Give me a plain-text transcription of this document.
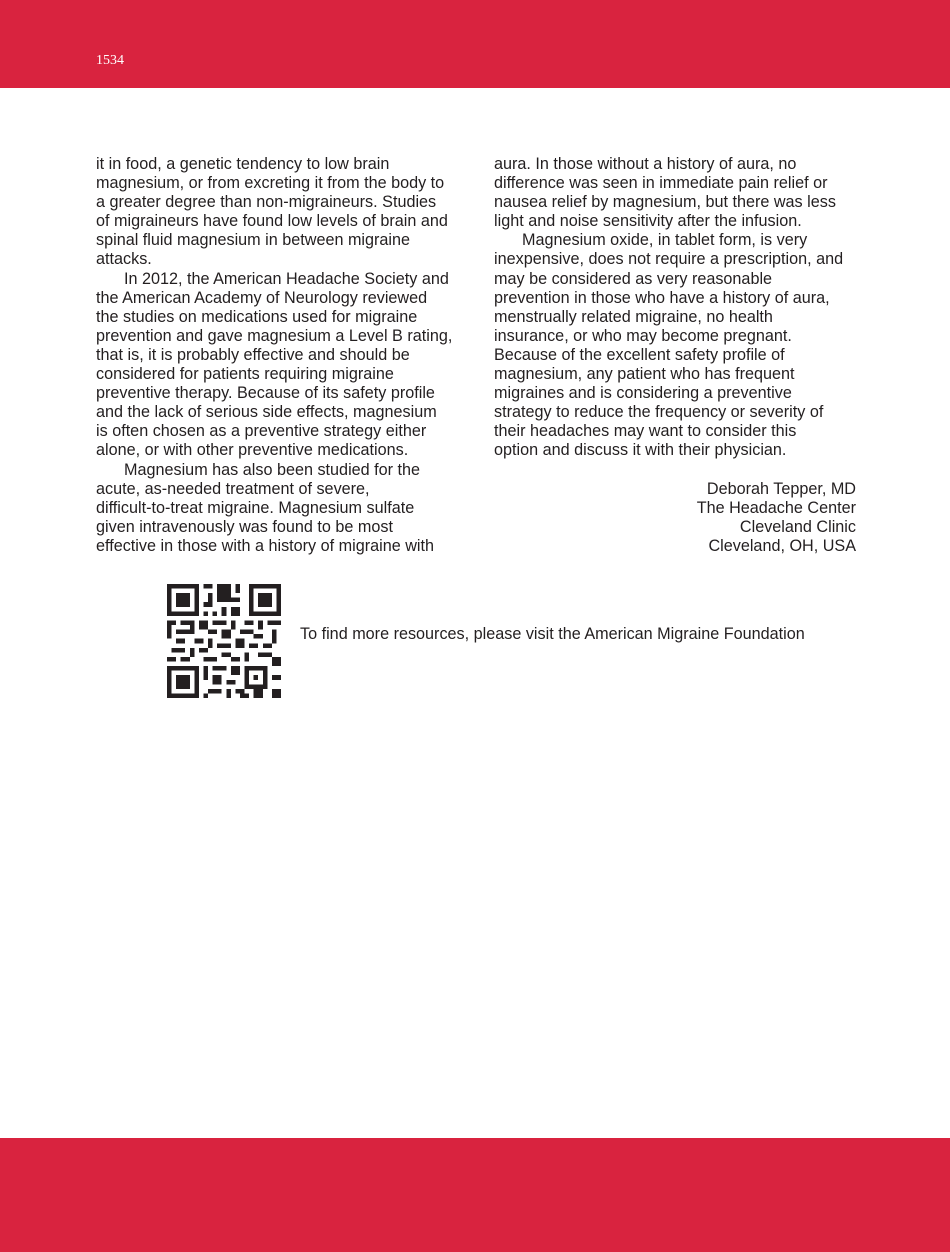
1534

it in food, a genetic tendency to low brain
magnesium, or from excreting it from the body to
a greater degree than non-migraineurs. Studies
of migraineurs have found low levels of brain and
spinal fluid magnesium in between migraine
attacks.

In 2012, the American Headache Society and
the American Academy of Neurology reviewed
the studies on medications used for migraine
prevention and gave magnesium a Level B rating,
that is, it is probably effective and should be
considered for patients requiring migraine
preventive therapy. Because of its safety profile
and the lack of serious side effects, magnesium
is often chosen as a preventive strategy either
alone, or with other preventive medications.

Magnesium has also been studied for the
acute, as-needed treatment of severe,
difficult-to-treat migraine. Magnesium sulfate
given intravenously was found to be most
effective in those with a history of migraine with

aura. In those without a history of aura, no
difference was seen in immediate pain relief or
nausea relief by magnesium, but there was less
light and noise sensitivity after the infusion.

Magnesium oxide, in tablet form, is very
inexpensive, does not require a prescription, and
may be considered as very reasonable
prevention in those who have a history of aura,
menstrually related migraine, no health
insurance, or who may become pregnant.
Because of the excellent safety profile of
magnesium, any patient who has frequent
migraines and is considering a preventive
strategy to reduce the frequency or severity of
their headaches may want to consider this
option and discuss it with their physician.

Deborah Tepper, MD
The Headache Center
Cleveland Clinic
Cleveland, OH, USA
To find more resources, please visit the American Migraine Foundation
